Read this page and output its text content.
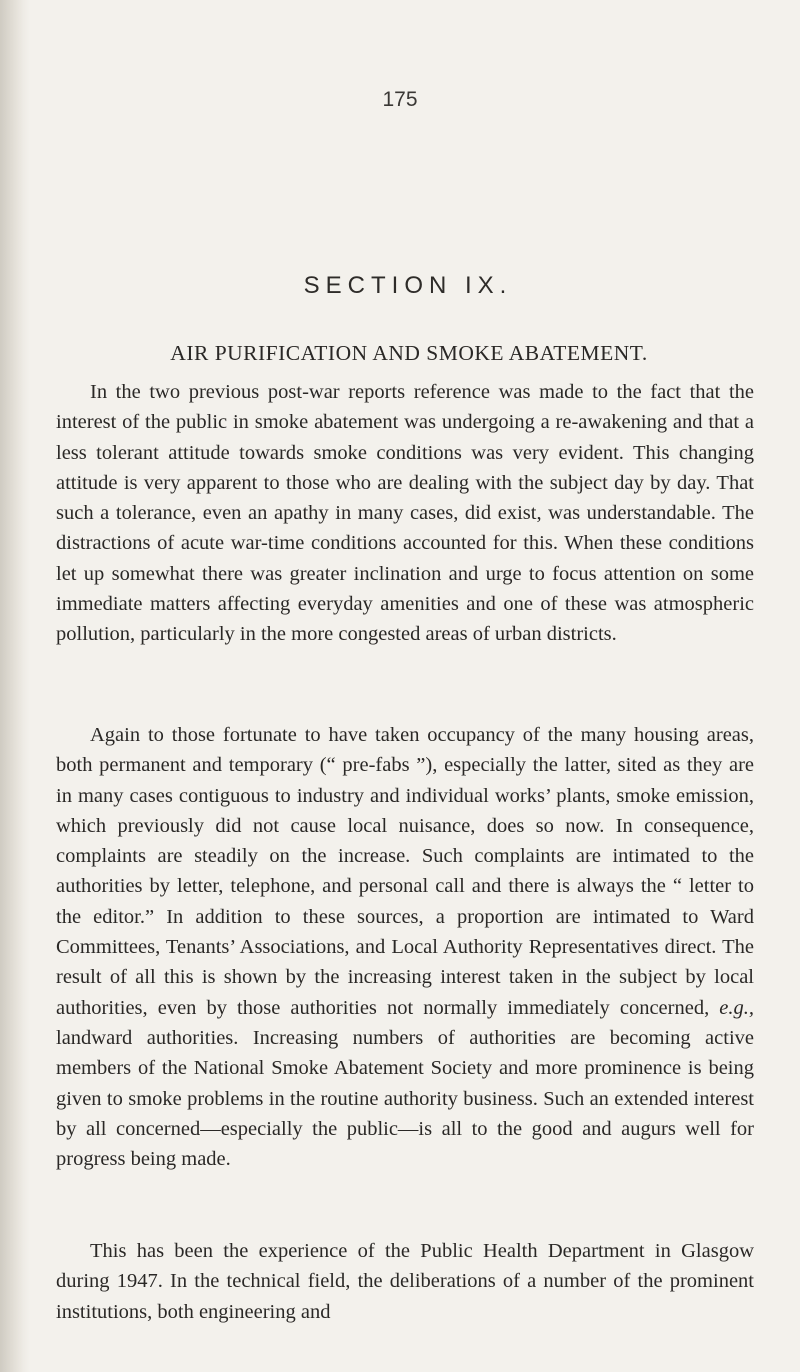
175
SECTION IX.
AIR PURIFICATION AND SMOKE ABATEMENT.

In the two previous post-war reports reference was made to the fact that the interest of the public in smoke abatement was undergoing a re-awakening and that a less tolerant attitude towards smoke conditions was very evident. This changing attitude is very apparent to those who are dealing with the subject day by day. That such a tolerance, even an apathy in many cases, did exist, was understandable. The distractions of acute war-time conditions accounted for this. When these conditions let up somewhat there was greater inclination and urge to focus attention on some immediate matters affecting everyday amenities and one of these was atmospheric pollution, particularly in the more congested areas of urban districts.

Again to those fortunate to have taken occupancy of the many housing areas, both permanent and temporary (“ pre-fabs ”), especially the latter, sited as they are in many cases contiguous to industry and individual works’ plants, smoke emission, which previously did not cause local nuisance, does so now. In consequence, complaints are steadily on the increase. Such complaints are intimated to the authorities by letter, telephone, and personal call and there is always the “ letter to the editor.” In addition to these sources, a proportion are intimated to Ward Committees, Tenants’ Associations, and Local Authority Representatives direct. The result of all this is shown by the increasing interest taken in the subject by local authorities, even by those authorities not normally immediately concerned, e.g., landward authorities. Increasing numbers of authorities are becoming active members of the National Smoke Abatement Society and more prominence is being given to smoke problems in the routine authority business. Such an extended interest by all concerned—especially the public—is all to the good and augurs well for progress being made.

This has been the experience of the Public Health Department in Glasgow during 1947. In the technical field, the deliberations of a number of the prominent institutions, both engineering and
